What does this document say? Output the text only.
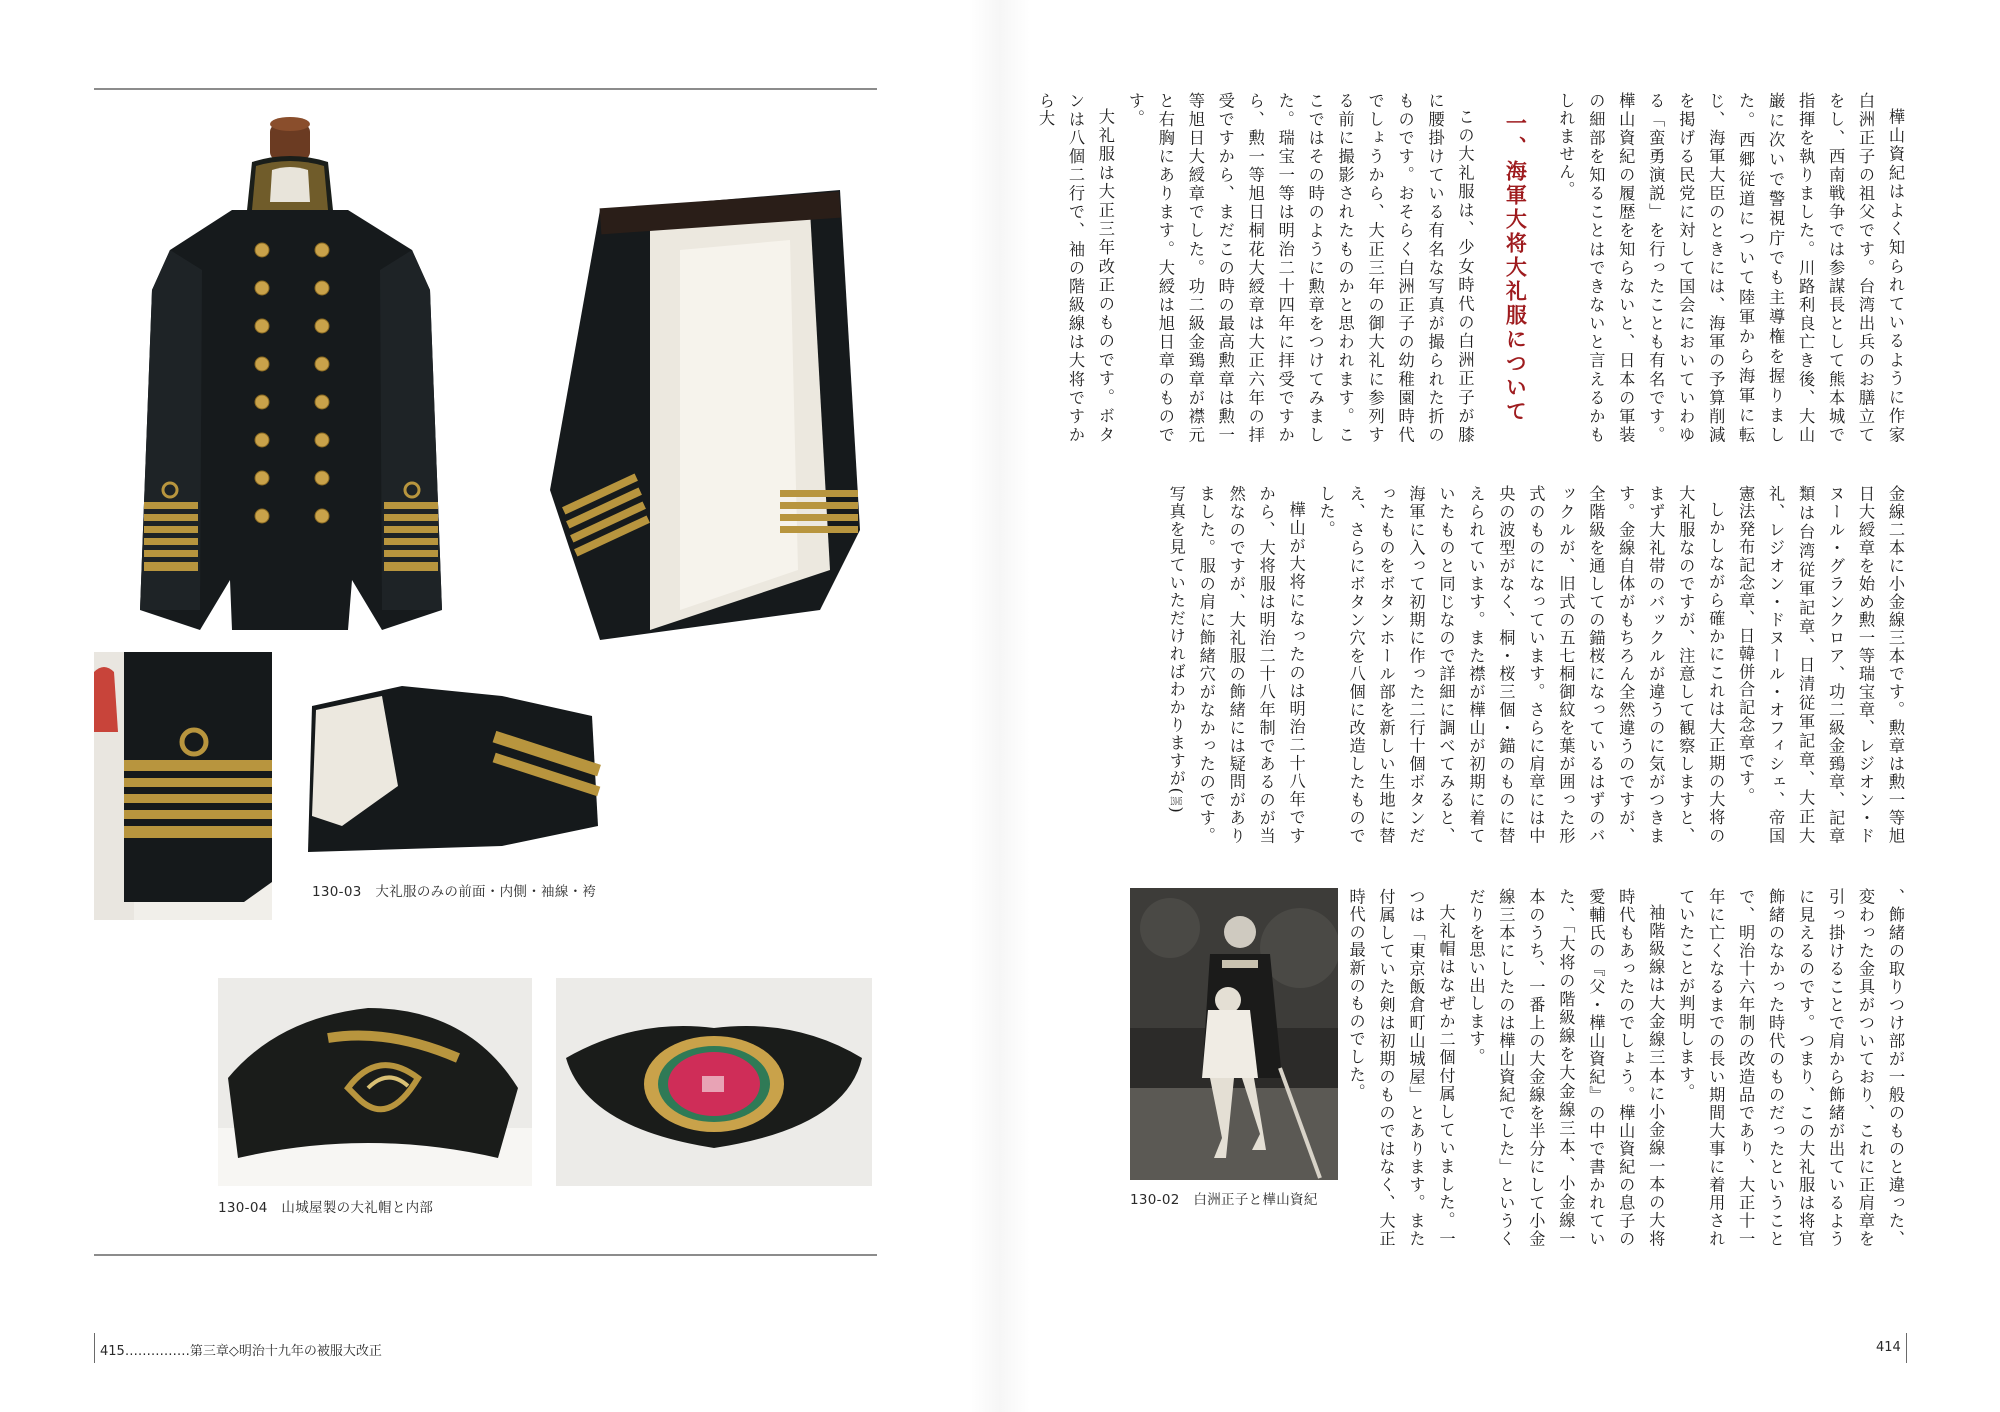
130-03　大礼服のみの前面・内側・袖線・袴
130-04　山城屋製の大礼帽と内部
415……………第三章◇明治十九年の被服大改正

樺山資紀はよく知られているように作家白洲正子の祖父です。台湾出兵のお膳立てをし、西南戦争では参謀長として熊本城で指揮を執りました。川路利良亡き後、大山巌に次いで警視庁でも主導権を握りました。西郷従道について陸軍から海軍に転じ、海軍大臣のときには、海軍の予算削減を掲げる民党に対して国会においていわゆる「蛮勇演説」を行ったことも有名です。樺山資紀の履歴を知らないと、日本の軍装の細部を知ることはできないと言えるかもしれません。

一、海軍大将大礼服について

この大礼服は、少女時代の白洲正子が膝に腰掛けている有名な写真が撮られた折のものです。おそらく白洲正子の幼稚園時代でしょうから、大正三年の御大礼に参列する前に撮影されたものかと思われます。ここではその時のように勲章をつけてみました。瑞宝一等は明治二十四年に拝受ですから、勲一等旭日桐花大綬章は大正六年の拝受ですから、まだこの時の最高勲章は勲一等旭日大綬章でした。功二級金鵄章が襟元と右胸にあります。大綬は旭日章のものです。

大礼服は大正三年改正のものです。ボタンは八個二行で、袖の階級線は大将ですから大

金線二本に小金線三本です。勲章は勲一等旭日大綬章を始め勲一等瑞宝章、レジオン・ドヌール・グランクロア、功二級金鵄章、記章類は台湾従軍記章、日清従軍記章、大正大礼、レジオン・ドヌール・オフィシェ、帝国憲法発布記念章、日韓併合記念章です。

しかしながら確かにこれは大正期の大将の大礼服なのですが、注意して観察しますと、まず大礼帯のバックルが違うのに気がつきます。金線自体がもちろん全然違うのですが、全階級を通しての錨桜になっているはずのバックルが、旧式の五七桐御紋を葉が囲った形式のものになっています。さらに肩章には中央の波型がなく、桐・桜三個・錨のものに替えられています。また襟が樺山が初期に着ていたものと同じなので詳細に調べてみると、海軍に入って初期に作った二行十個ボタンだったものをボタンホール部を新しい生地に替え、さらにボタン穴を八個に改造したものでした。

樺山が大将になったのは明治二十八年ですから、大将服は明治二十八年制であるのが当然なのですが、大礼服の飾緒には疑問がありました。服の肩に飾緒穴がなかったのです。写真を見ていただければわかりますが(130-05)

、飾緒の取りつけ部が一般のものと違った、変わった金具がついており、これに正肩章を引っ掛けることで肩から飾緒が出ているように見えるのです。つまり、この大礼服は将官飾緒のなかった時代のものだったということで、明治十六年制の改造品であり、大正十一年に亡くなるまでの長い期間大事に着用されていたことが判明します。

袖階級線は大金線三本に小金線一本の大将時代もあったのでしょう。樺山資紀の息子の愛輔氏の『父・樺山資紀』の中で書かれていた、「大将の階級線を大金線三本、小金線一本のうち、一番上の大金線を半分にして小金線三本にしたのは樺山資紀でした」というくだりを思い出します。

大礼帽はなぜか二個付属していました。一つは「東京飯倉町山城屋」とあります。また付属していた剣は初期のものではなく、大正時代の最新のものでした。

130-02　白洲正子と樺山資紀
414
